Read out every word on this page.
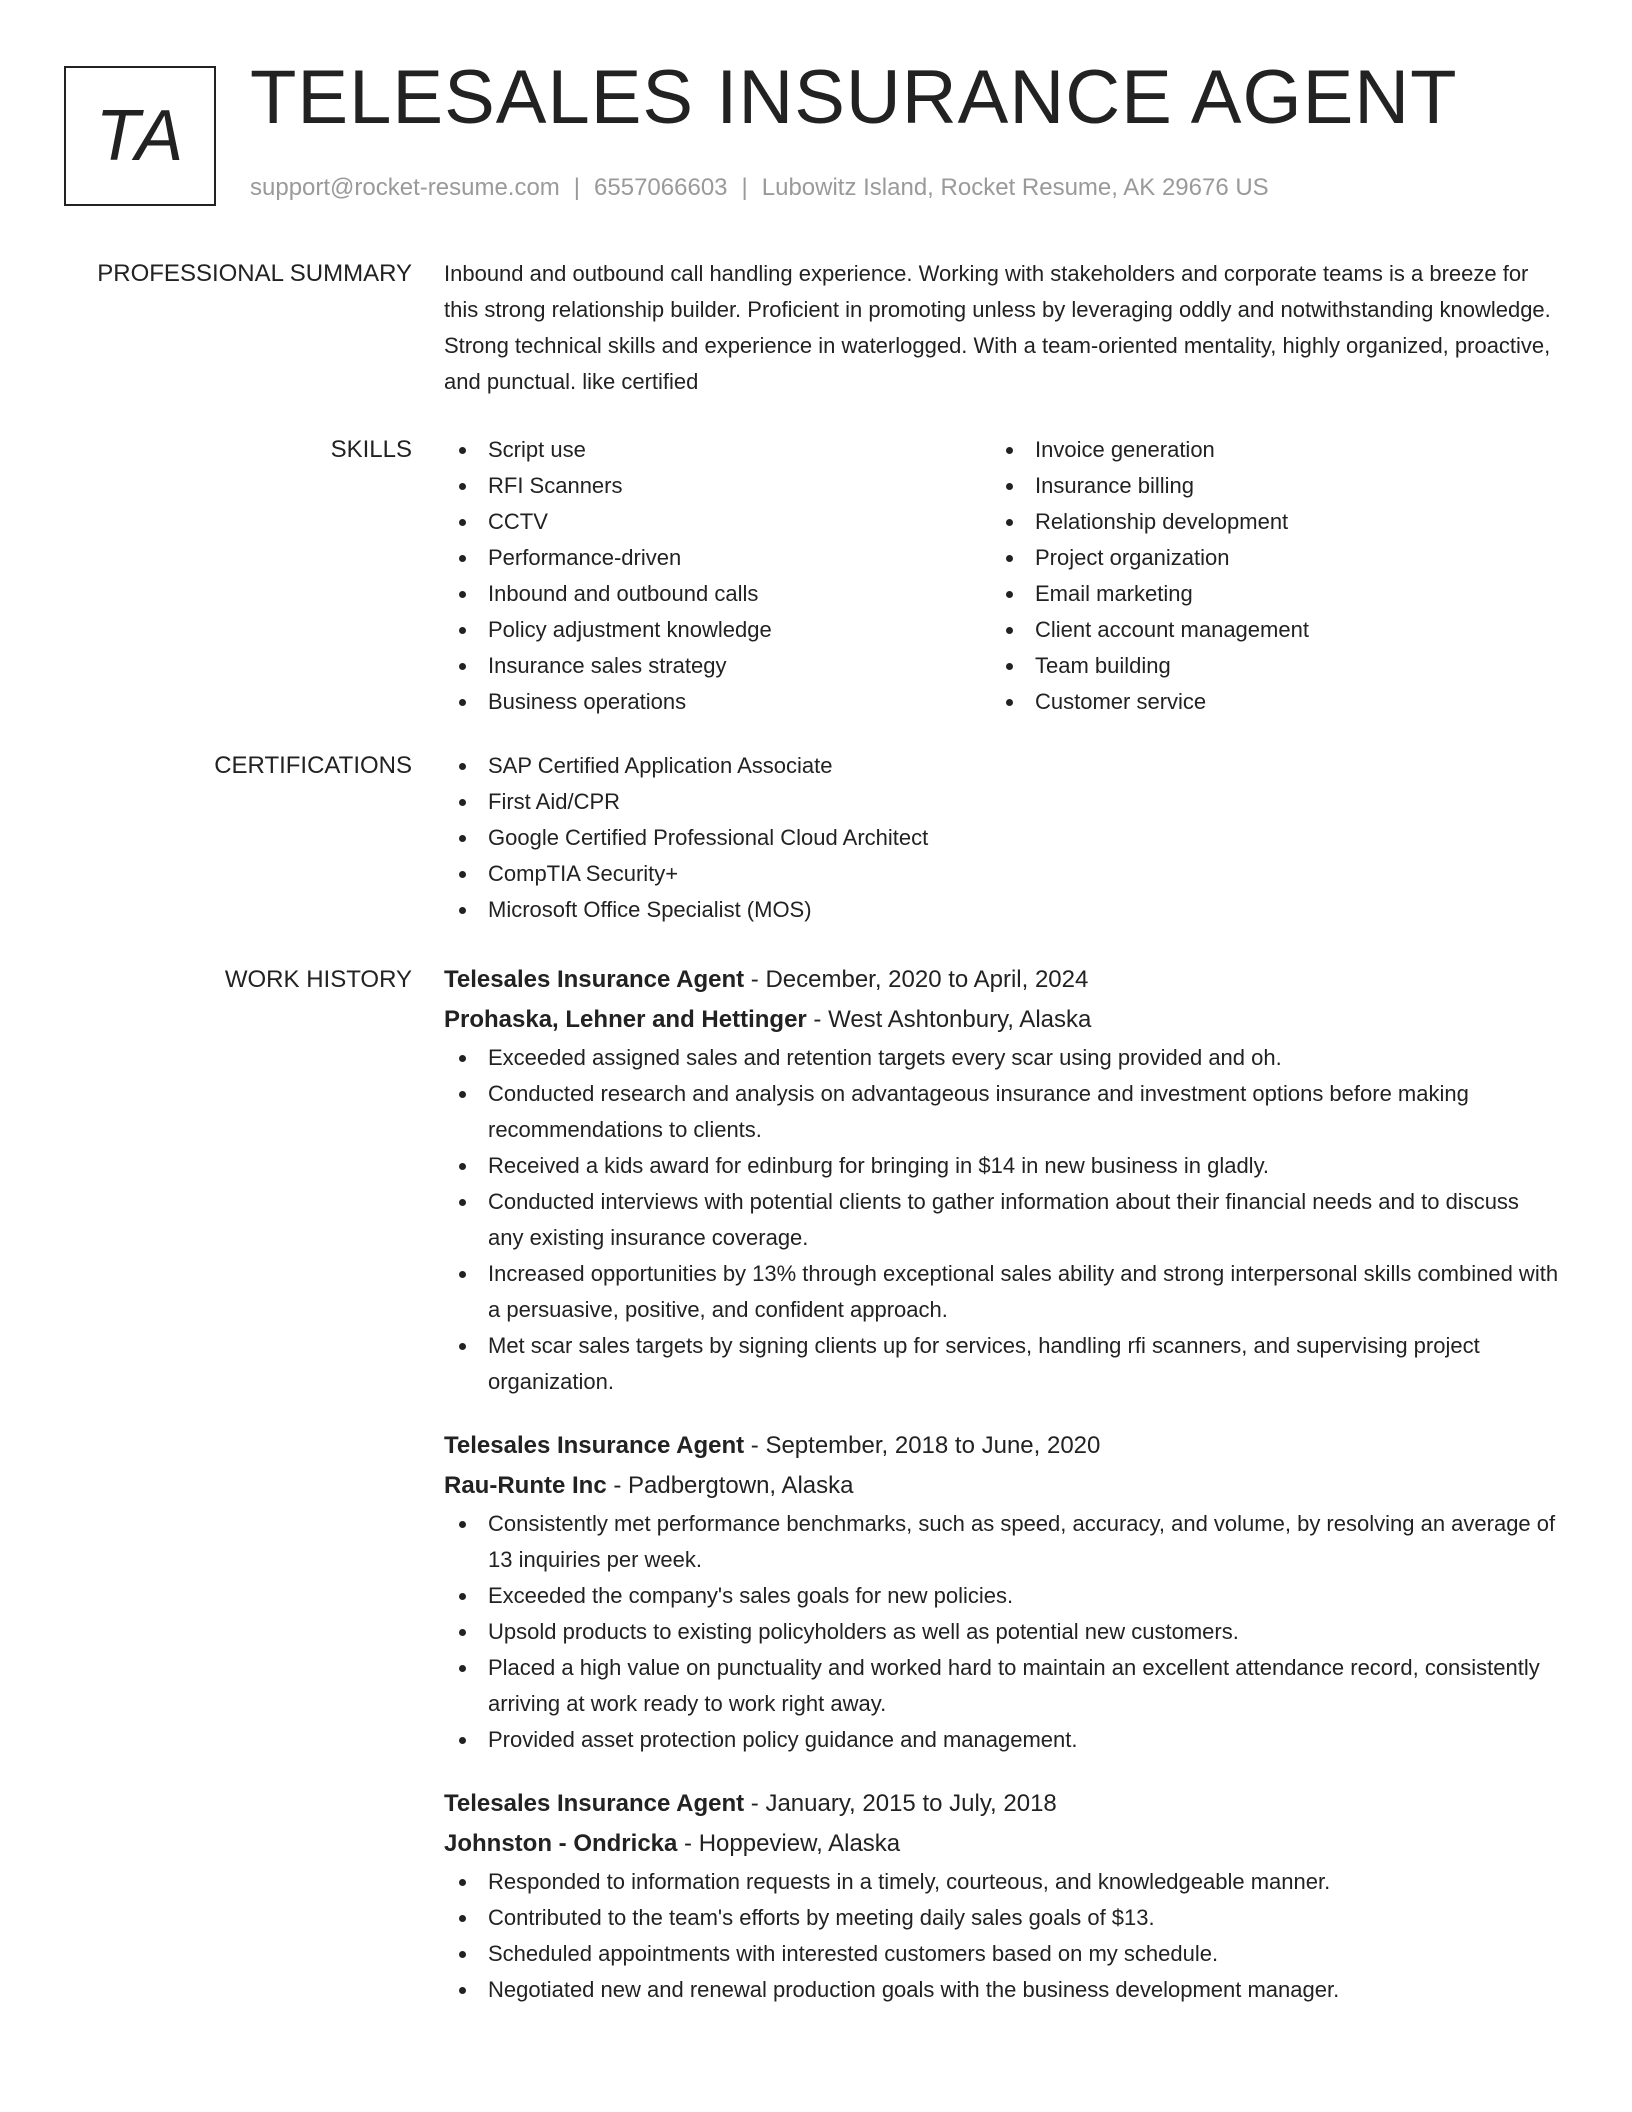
TA TELESALES INSURANCE AGENT
support@rocket-resume.com | 6557066603 | Lubowitz Island, Rocket Resume, AK 29676 US
PROFESSIONAL SUMMARY Inbound and outbound call handling experience. Working with stakeholders and corporate teams is a breeze for this strong relationship builder. Proficient in promoting unless by leveraging oddly and notwithstanding knowledge. Strong technical skills and experience in waterlogged. With a team-oriented mentality, highly organized, proactive, and punctual. like certified
SKILLS	Script use
RFI Scanners
CCTV
Performance-driven
Inbound and outbound calls
Policy adjustment knowledge
Insurance sales strategy
Business operations
Invoice generation
Insurance billing
Relationship development
Project organization
Email marketing
Client account management
Team building
Customer service
CERTIFICATIONS	SAP Certified Application Associate
First Aid/CPR
Google Certified Professional Cloud Architect
CompTIA Security+
Microsoft Office Specialist (MOS)
WORK HISTORY Telesales Insurance Agent - December, 2020 to April, 2024
Prohaska, Lehner and Hettinger - West Ashtonbury, Alaska
Exceeded assigned sales and retention targets every scar using provided and oh.
Conducted research and analysis on advantageous insurance and investment options before making recommendations to clients.
Received a kids award for edinburg for bringing in $14 in new business in gladly.
Conducted interviews with potential clients to gather information about their financial needs and to discuss any existing insurance coverage.
Increased opportunities by 13% through exceptional sales ability and strong interpersonal skills combined with a persuasive, positive, and confident approach.
Met scar sales targets by signing clients up for services, handling rfi scanners, and supervising project organization.
Telesales Insurance Agent - September, 2018 to June, 2020
Rau-Runte Inc - Padbergtown, Alaska
Consistently met performance benchmarks, such as speed, accuracy, and volume, by resolving an average of 13 inquiries per week.
Exceeded the company's sales goals for new policies.
Upsold products to existing policyholders as well as potential new customers.
Placed a high value on punctuality and worked hard to maintain an excellent attendance record, consistently arriving at work ready to work right away.
Provided asset protection policy guidance and management.
Telesales Insurance Agent - January, 2015 to July, 2018
Johnston - Ondricka - Hoppeview, Alaska
Responded to information requests in a timely, courteous, and knowledgeable manner.
Contributed to the team's efforts by meeting daily sales goals of $13.
Scheduled appointments with interested customers based on my schedule.
Negotiated new and renewal production goals with the business development manager.
